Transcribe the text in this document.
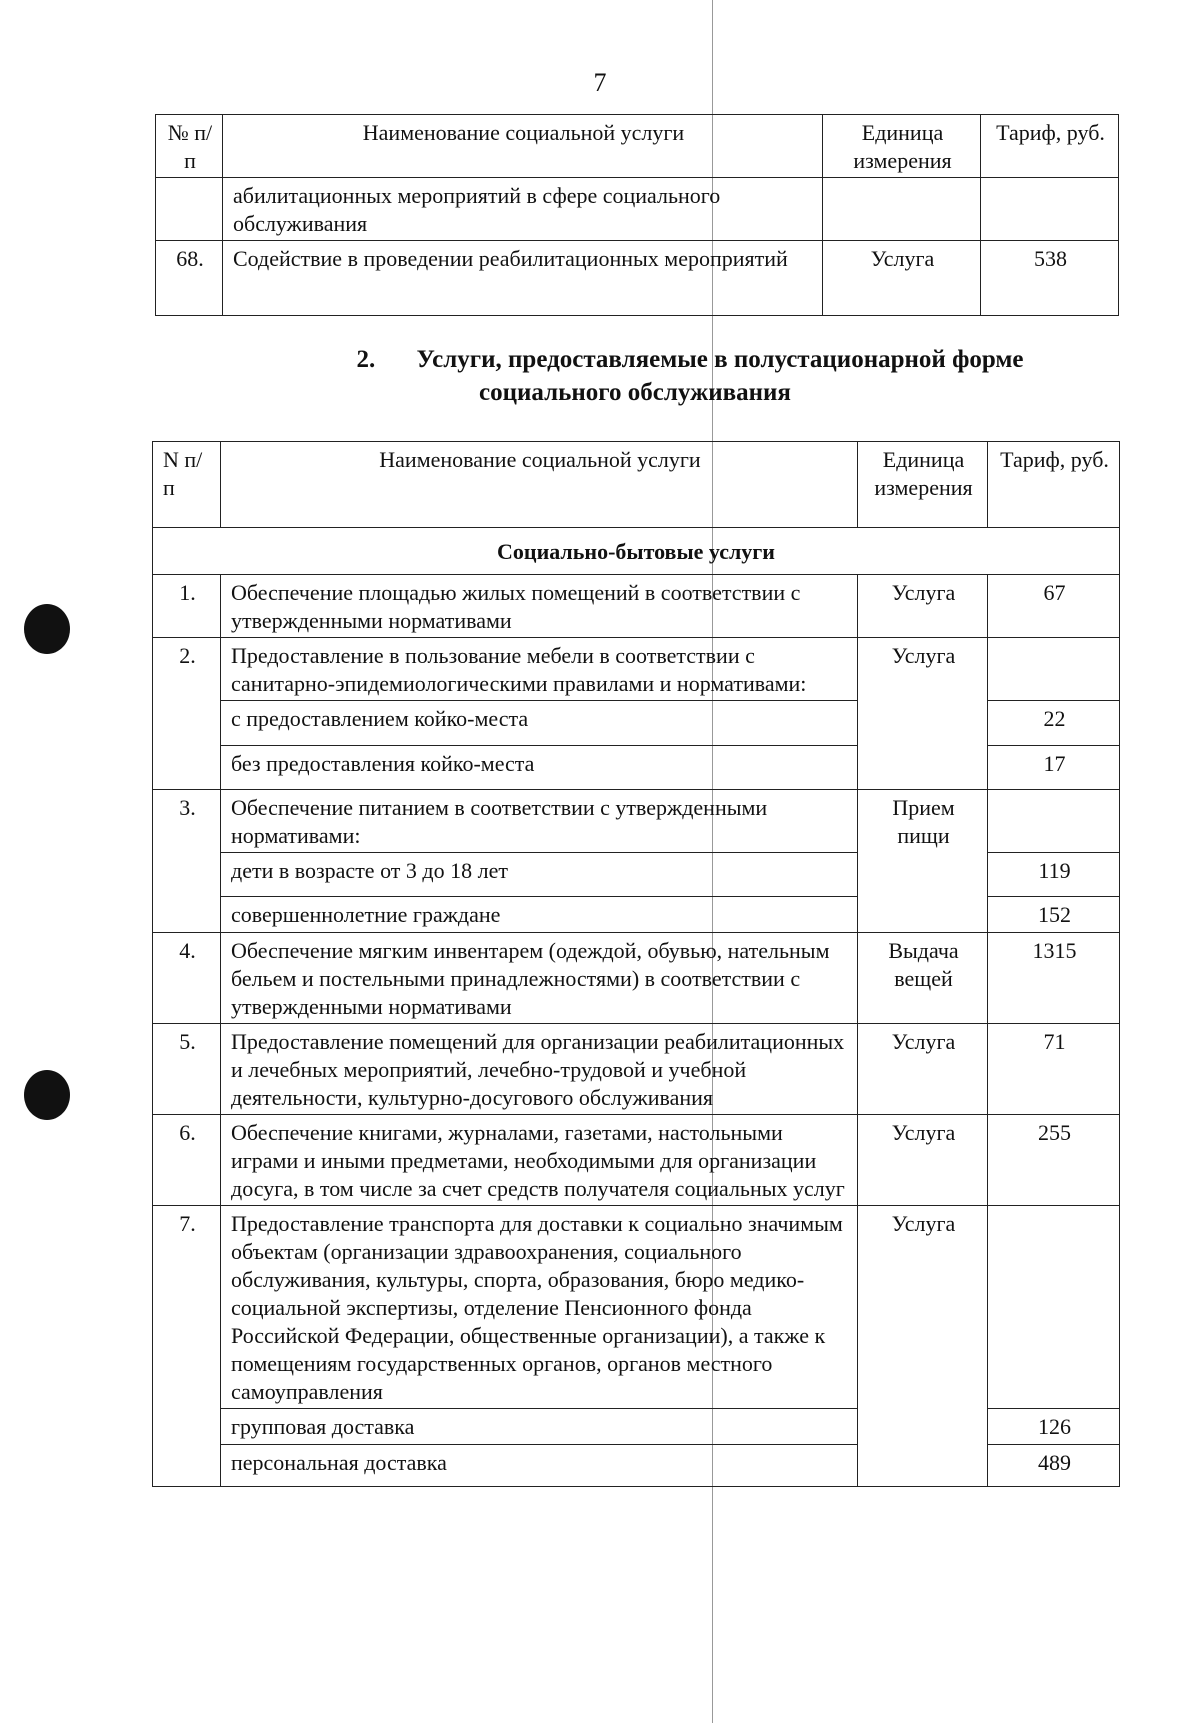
7
№ п/п	Наименование социальной услуги	Единица измерения	Тариф, руб.
	абилитационных мероприятий в сфере социального обслуживания		
68.	Содействие в проведении реабилитационных мероприятий	Услуга	538
2. Услуги, предоставляемые в полустационарной форме
социального обслуживания
N п/п	Наименование социальной услуги	Единица измерения	Тариф, руб.
Социально-бытовые услуги			
1.	Обеспечение площадью жилых помещений в соответствии с утвержденными нормативами	Услуга	67
2.	Предоставление в пользование мебели в соответствии с санитарно-эпидемиологическими правилами и нормативами:	Услуга	
	с предоставлением койко-места		22
	без предоставления койко-места		17
3.	Обеспечение питанием в соответствии с утвержденными нормативами:	Прием пищи	
	дети в возрасте от 3 до 18 лет		119
	совершеннолетние граждане		152
4.	Обеспечение мягким инвентарем (одеждой, обувью, нательным бельем и постельными принадлежностями) в соответствии с утвержденными нормативами	Выдача вещей	1315
5.	Предоставление помещений для организации реабилитационных и лечебных мероприятий, лечебно-трудовой и учебной деятельности, культурно-досугового обслуживания	Услуга	71
6.	Обеспечение книгами, журналами, газетами, настольными играми и иными предметами, необходимыми для организации досуга, в том числе за счет средств получателя социальных услуг	Услуга	255
7.	Предоставление транспорта для доставки к социально значимым объектам (организации здравоохранения, социального обслуживания, культуры, спорта, образования, бюро медико-социальной экспертизы, отделение Пенсионного фонда Российской Федерации, общественные организации), а также к помещениям государственных органов, органов местного самоуправления	Услуга	
	групповая доставка		126
	персональная доставка		489
